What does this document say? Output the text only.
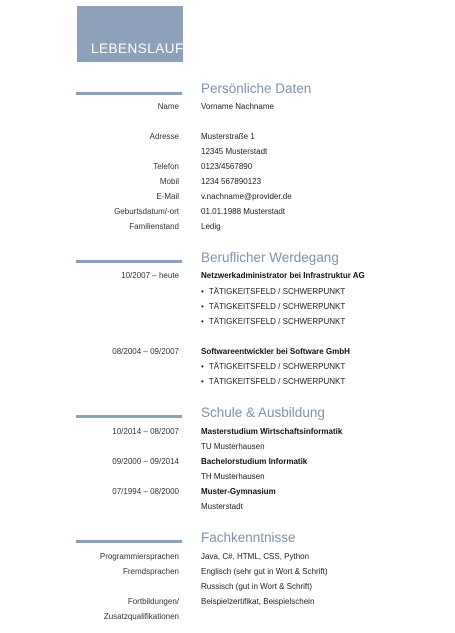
LEBENSLAUF
Persönliche Daten
Name	Vorname Nachname
Adresse	Musterstraße 1
12345 Musterstadt
Telefon	0123/4567890
Mobil	1234 567890123
E-Mail	v.nachname@provider.de
Geburtsdatum/-ort	01.01.1988 Musterstadt
Familienstand	Ledig
Beruflicher Werdegang
10/2007 – heute	Netzwerkadministrator bei Infrastruktur AG
• TÄTIGKEITSFELD / SCHWERPUNKT
• TÄTIGKEITSFELD / SCHWERPUNKT
• TÄTIGKEITSFELD / SCHWERPUNKT
08/2004 – 09/2007	Softwareentwickler bei Software GmbH
• TÄTIGKEITSFELD / SCHWERPUNKT
• TÄTIGKEITSFELD / SCHWERPUNKT
Schule & Ausbildung
10/2014 – 08/2007	Masterstudium Wirtschaftsinformatik
TU Musterhausen
09/2000 – 09/2014	Bachelorstudium Informatik
TH Musterhausen
07/1994 – 08/2000	Muster-Gymnasium
Musterstadt
Fachkenntnisse
Programmiersprachen	Java, C#, HTML, CSS, Python
Fremdsprachen	Englisch (sehr gut in Wort & Schrift)
Russisch (gut in Wort & Schrift)
Fortbildungen/	Beispielzertifikat, Beispielschein
Zusatzqualifikationen
